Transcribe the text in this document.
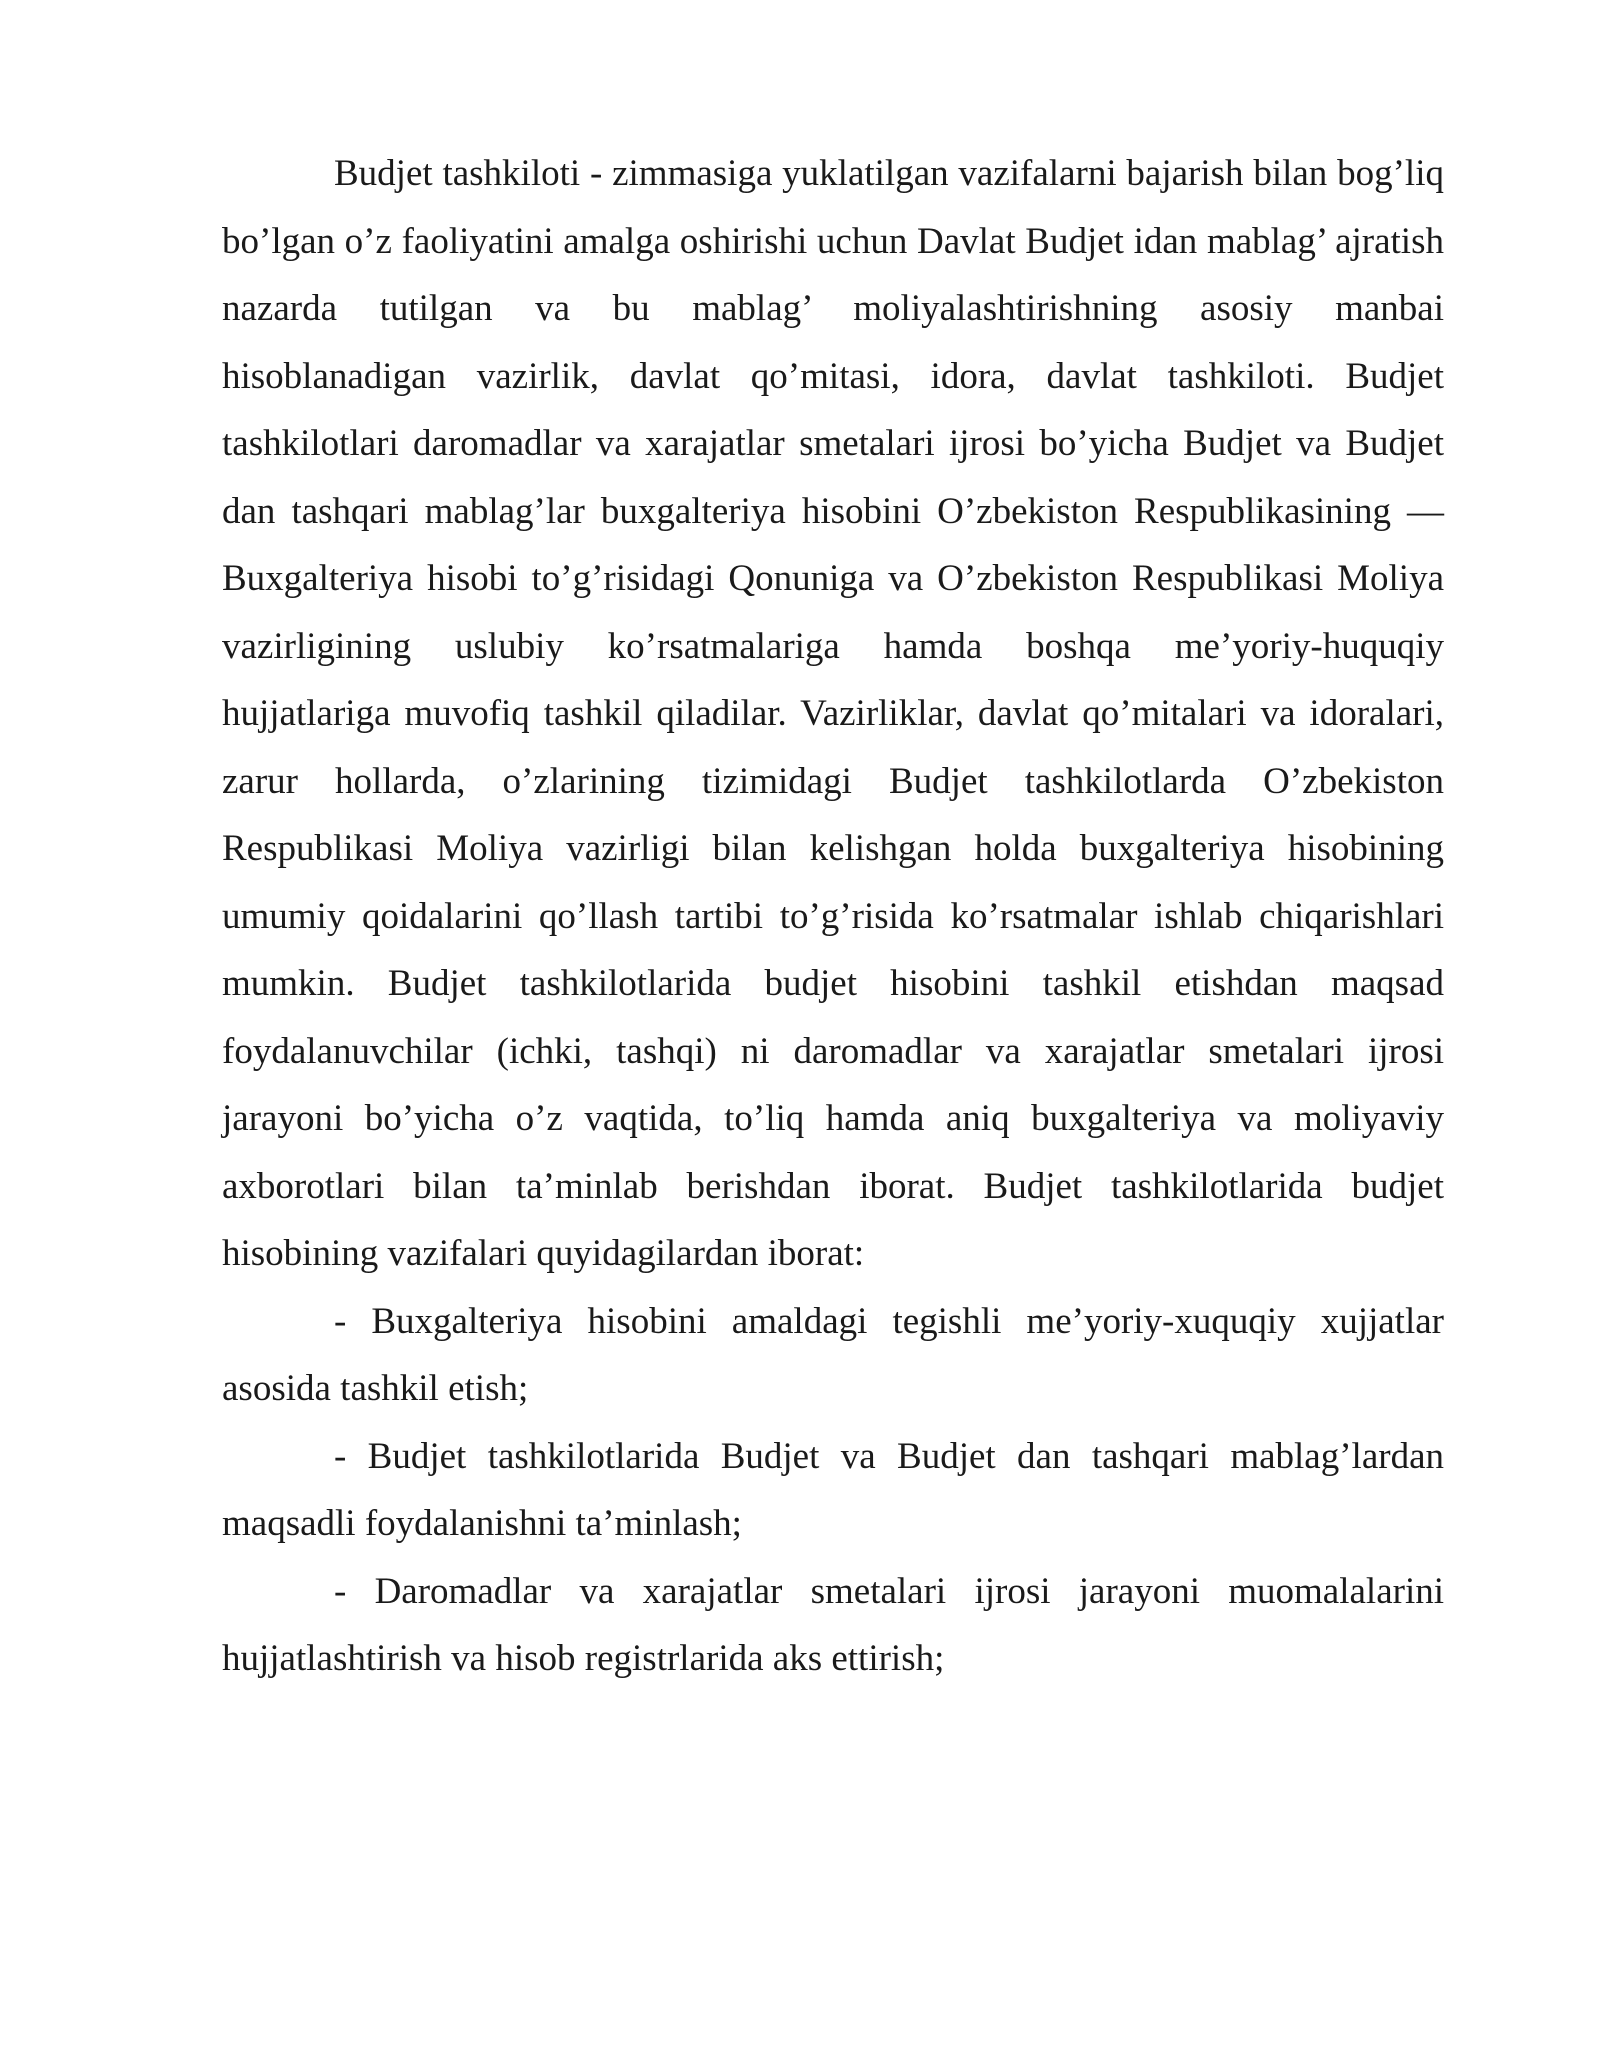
Budjet tashkiloti - zimmasiga yuklatilgan vazifalarni bajarish bilan bog’liq bo’lgan o’z faoliyatini amalga oshirishi uchun Davlat Budjet idan mablag’ ajratish nazarda tutilgan va bu mablag’ moliyalashtirishning asosiy manbai hisoblanadigan vazirlik, davlat qo’mitasi, idora, davlat tashkiloti. Budjet tashkilotlari daromadlar va xarajatlar smetalari ijrosi bo’yicha Budjet va Budjet dan tashqari mablag’lar buxgalteriya hisobini O’zbekiston Respublikasining — Buxgalteriya hisobi to’g’risidagi Qonuniga va O’zbekiston Respublikasi Moliya vazirligining uslubiy ko’rsatmalariga hamda boshqa me’yoriy-huquqiy hujjatlariga muvofiq tashkil qiladilar. Vazirliklar, davlat qo’mitalari va idoralari, zarur hollarda, o’zlarining tizimidagi Budjet tashkilotlarda O’zbekiston Respublikasi Moliya vazirligi bilan kelishgan holda buxgalteriya hisobining umumiy qoidalarini qo’llash tartibi to’g’risida ko’rsatmalar ishlab chiqarishlari mumkin. Budjet tashkilotlarida budjet hisobini tashkil etishdan maqsad foydalanuvchilar (ichki, tashqi) ni daromadlar va xarajatlar smetalari ijrosi jarayoni bo’yicha o’z vaqtida, to’liq hamda aniq buxgalteriya va moliyaviy axborotlari bilan ta’minlab berishdan iborat. Budjet tashkilotlarida budjet hisobining vazifalari quyidagilardan iborat:

- Buxgalteriya hisobini amaldagi tegishli me’yoriy-xuquqiy xujjatlar asosida tashkil etish;

- Budjet tashkilotlarida Budjet va Budjet dan tashqari mablag’lardan maqsadli foydalanishni ta’minlash;

- Daromadlar va xarajatlar smetalari ijrosi jarayoni muomalalarini hujjatlashtirish va hisob registrlarida aks ettirish;
